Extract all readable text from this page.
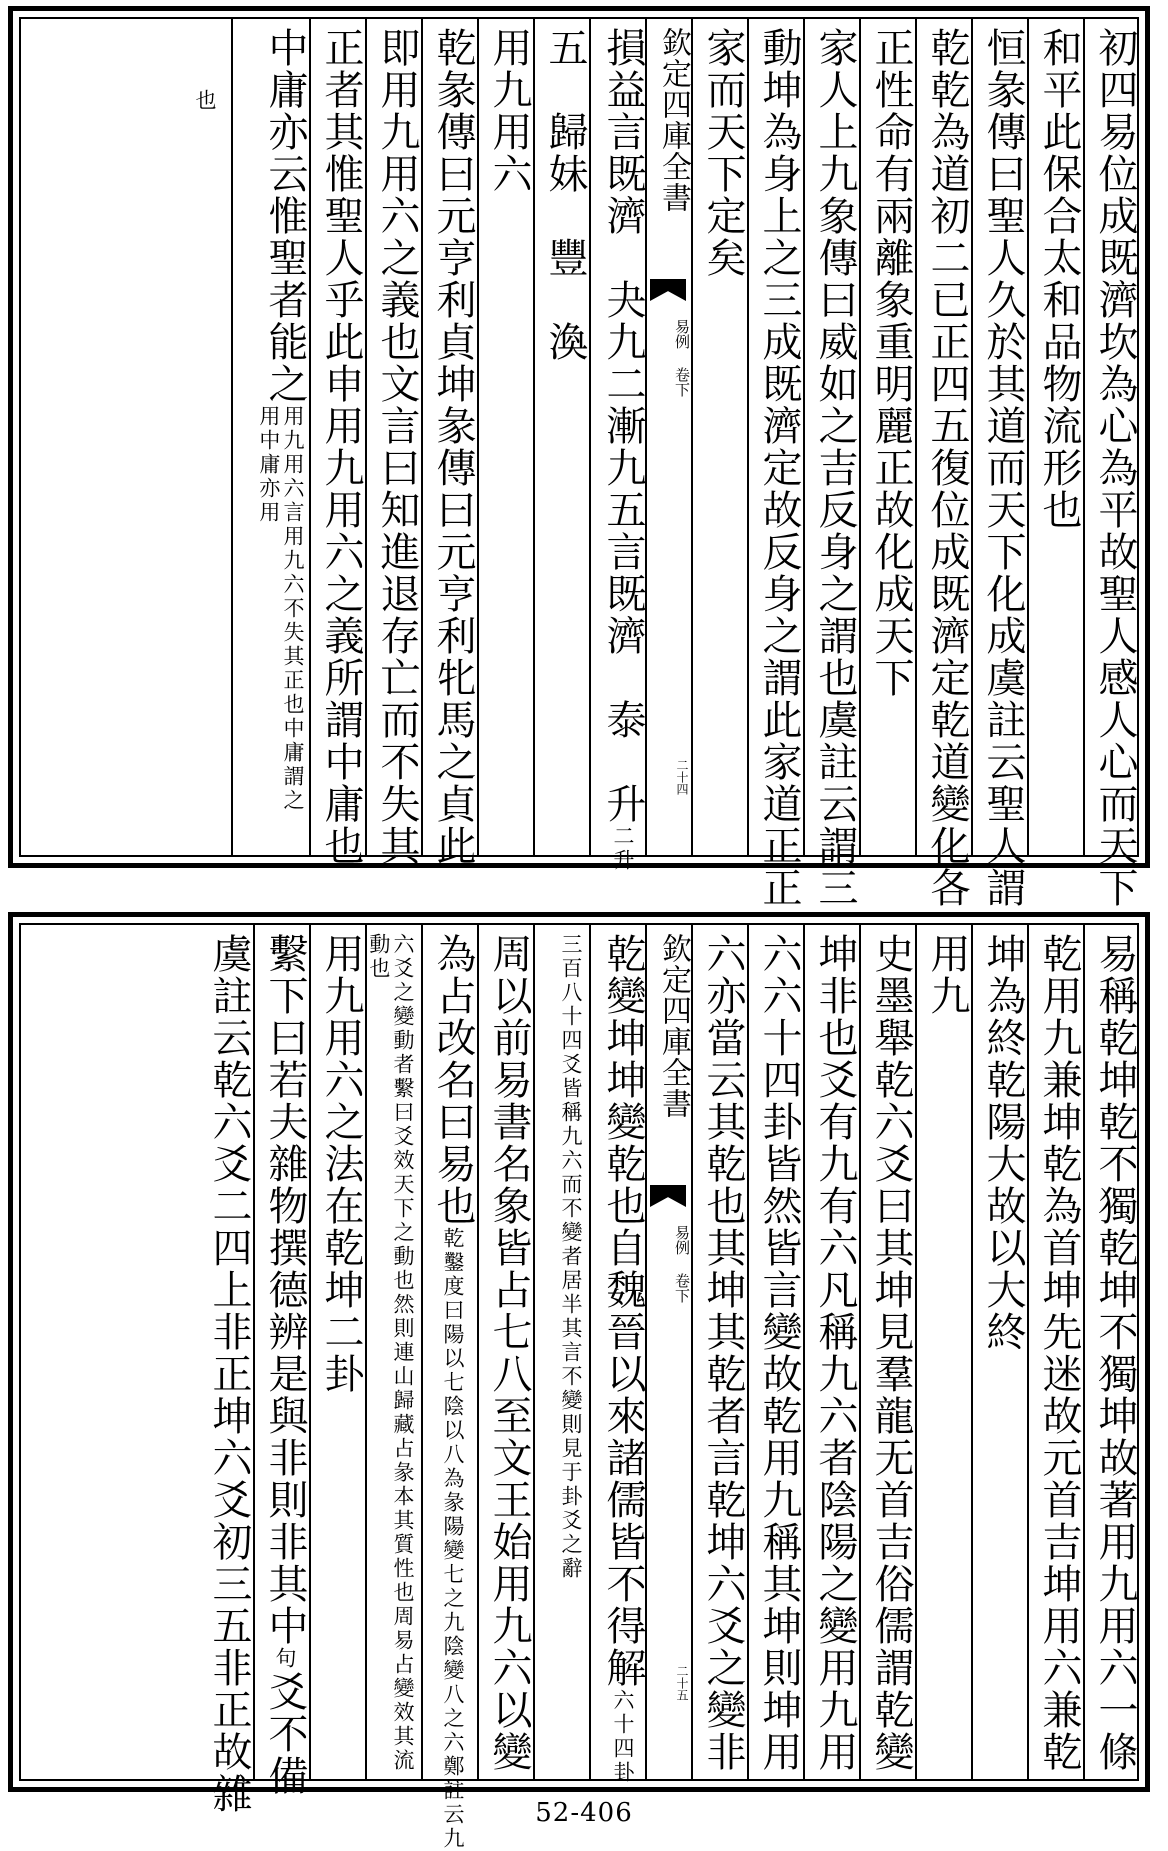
初四易位成既濟坎為心為平故聖人感人心而天下
和平此保合太和品物流形也
恒彖傳曰聖人久於其道而天下化成虞註云聖人謂
乾乾為道初二已正四五復位成既濟定乾道變化各
正性命有兩離象重明麗正故化成天下
家人上九象傳曰威如之吉反身之謂也虞註云謂三
動坤為身上之三成既濟定故反身之謂此家道正正
家而天下定矣
欽定四庫全書
易例 卷下
二十四
損益言既濟　夬九二漸九五言既濟　泰　升二升
五　歸妹　豐　渙
用九用六
乾彖傳曰元亨利貞坤彖傳曰元亨利牝馬之貞此
即用九用六之義也文言曰知進退存亡而不失其
正者其惟聖人乎此申用九用六之義所謂中庸也
中庸亦云惟聖者能之
用九用六言用九六不失其正也中庸謂之用中庸亦用
也
易稱乾坤乾不獨乾坤不獨坤故著用九用六一條
乾用九兼坤乾為首坤先迷故元首吉坤用六兼乾
坤為終乾陽大故以大終
用九
史墨舉乾六爻曰其坤見羣龍无首吉俗儒謂乾變
坤非也爻有九有六凡稱九六者陰陽之變用九用
六六十四卦皆然皆言變故乾用九稱其坤則坤用
六亦當云其乾也其坤其乾者言乾坤六爻之變非
欽定四庫全書
易例 卷下
二十五
乾變坤坤變乾也自魏晉以來諸儒皆不得解六十四卦
三百八十四爻皆稱九六而不變者居半其言不變則見于卦爻之辭
周以前易書名象皆占七八至文王始用九六以變
為占改名曰易也乾鑿度曰陽以七陰以八為彖陽變七之九陰變八之六鄭註云九
六爻之變動者繫曰爻效天下之動也然則連山歸藏占彖本其質性也周易占變效其流動也
用九用六之法在乾坤二卦
繫下曰若夫雜物撰德辨是與非則非其中句爻不備
虞註云乾六爻二四上非正坤六爻初三五非正故雜	52-406
